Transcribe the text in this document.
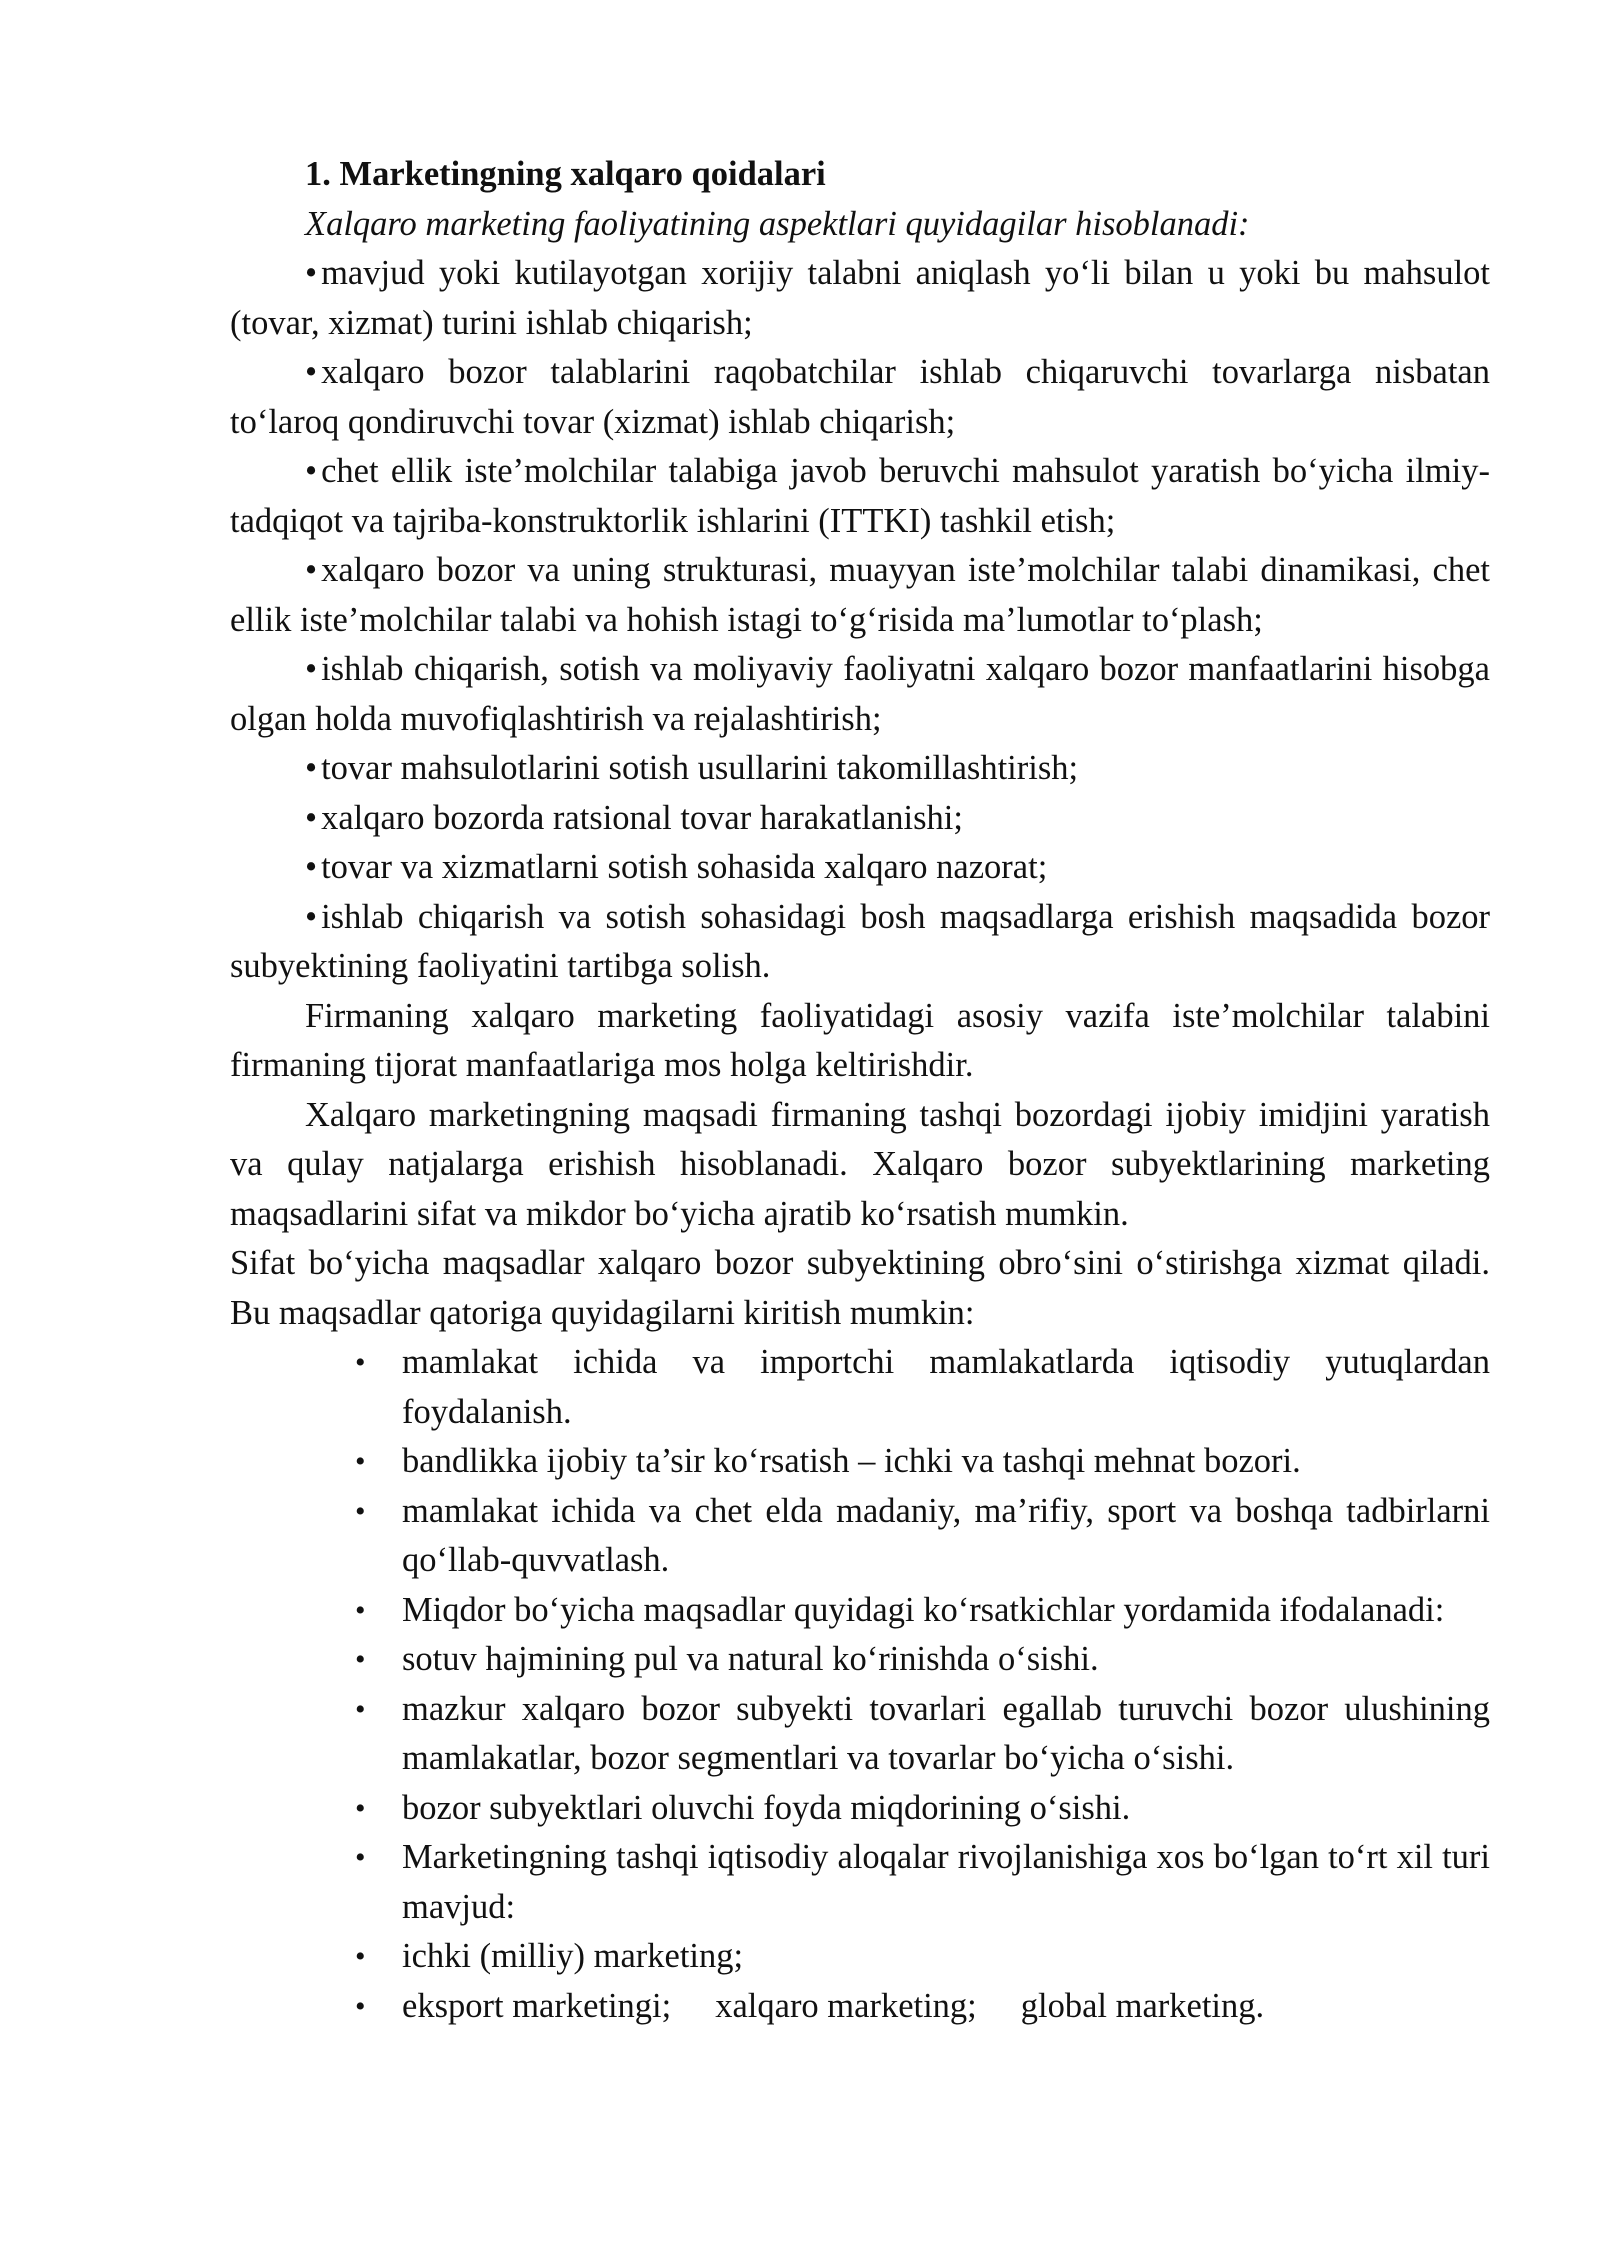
1. Marketingning xalqaro qoidalari

Xalqaro marketing faoliyatining aspektlari quyidagilar hisoblanadi:

• mavjud yoki kutilayotgan xorijiy talabni aniqlash yo‘li bilan u yoki bu mahsulot (tovar, xizmat) turini ishlab chiqarish;

• xalqaro bozor talablarini raqobatchilar ishlab chiqaruvchi tovarlarga nisbatan to‘laroq qondiruvchi tovar (xizmat) ishlab chiqarish;

• chet ellik iste’molchilar talabiga javob beruvchi mahsulot yaratish bo‘yicha ilmiy-tadqiqot va tajriba-konstruktorlik ishlarini (ITTKI) tashkil etish;

• xalqaro bozor va uning strukturasi, muayyan iste’molchilar talabi dinamikasi, chet ellik iste’molchilar talabi va hohish istagi to‘g‘risida ma’lumotlar to‘plash;

• ishlab chiqarish, sotish va moliyaviy faoliyatni xalqaro bozor manfaatlarini hisobga olgan holda muvofiqlashtirish va rejalashtirish;

• tovar mahsulotlarini sotish usullarini takomillashtirish;

• xalqaro bozorda ratsional tovar harakatlanishi;

• tovar va xizmatlarni sotish sohasida xalqaro nazorat;

• ishlab chiqarish va sotish sohasidagi bosh maqsadlarga erishish maqsadida bozor subyektining faoliyatini tartibga solish.

Firmaning xalqaro marketing faoliyatidagi asosiy vazifa iste’molchilar talabini firmaning tijorat manfaatlariga mos holga keltirishdir.

Xalqaro marketingning maqsadi firmaning tashqi bozordagi ijobiy imidjini yaratish va qulay natjalarga erishish hisoblanadi. Xalqaro bozor subyektlarining marketing maqsadlarini sifat va mikdor bo‘yicha ajratib ko‘rsatish mumkin.

Sifat bo‘yicha maqsadlar xalqaro bozor subyektining obro‘sini o‘stirishga xizmat qiladi. Bu maqsadlar qatoriga quyidagilarni kiritish mumkin:

• mamlakat ichida va importchi mamlakatlarda iqtisodiy yutuqlardan foydalanish.
• bandlikka ijobiy ta’sir ko‘rsatish – ichki va tashqi mehnat bozori.
• mamlakat ichida va chet elda madaniy, ma’rifiy, sport va boshqa tadbirlarni qo‘llab-quvvatlash.
• Miqdor bo‘yicha maqsadlar quyidagi ko‘rsatkichlar yordamida ifodalanadi:
• sotuv hajmining pul va natural ko‘rinishda o‘sishi.
• mazkur xalqaro bozor subyekti tovarlari egallab turuvchi bozor ulushining mamlakatlar, bozor segmentlari va tovarlar bo‘yicha o‘sishi.
• bozor subyektlari oluvchi foyda miqdorining o‘sishi.
• Marketingning tashqi iqtisodiy aloqalar rivojlanishiga xos bo‘lgan to‘rt xil turi mavjud:
• ichki (milliy) marketing;
• eksport marketingi; xalqaro marketing; global marketing.
